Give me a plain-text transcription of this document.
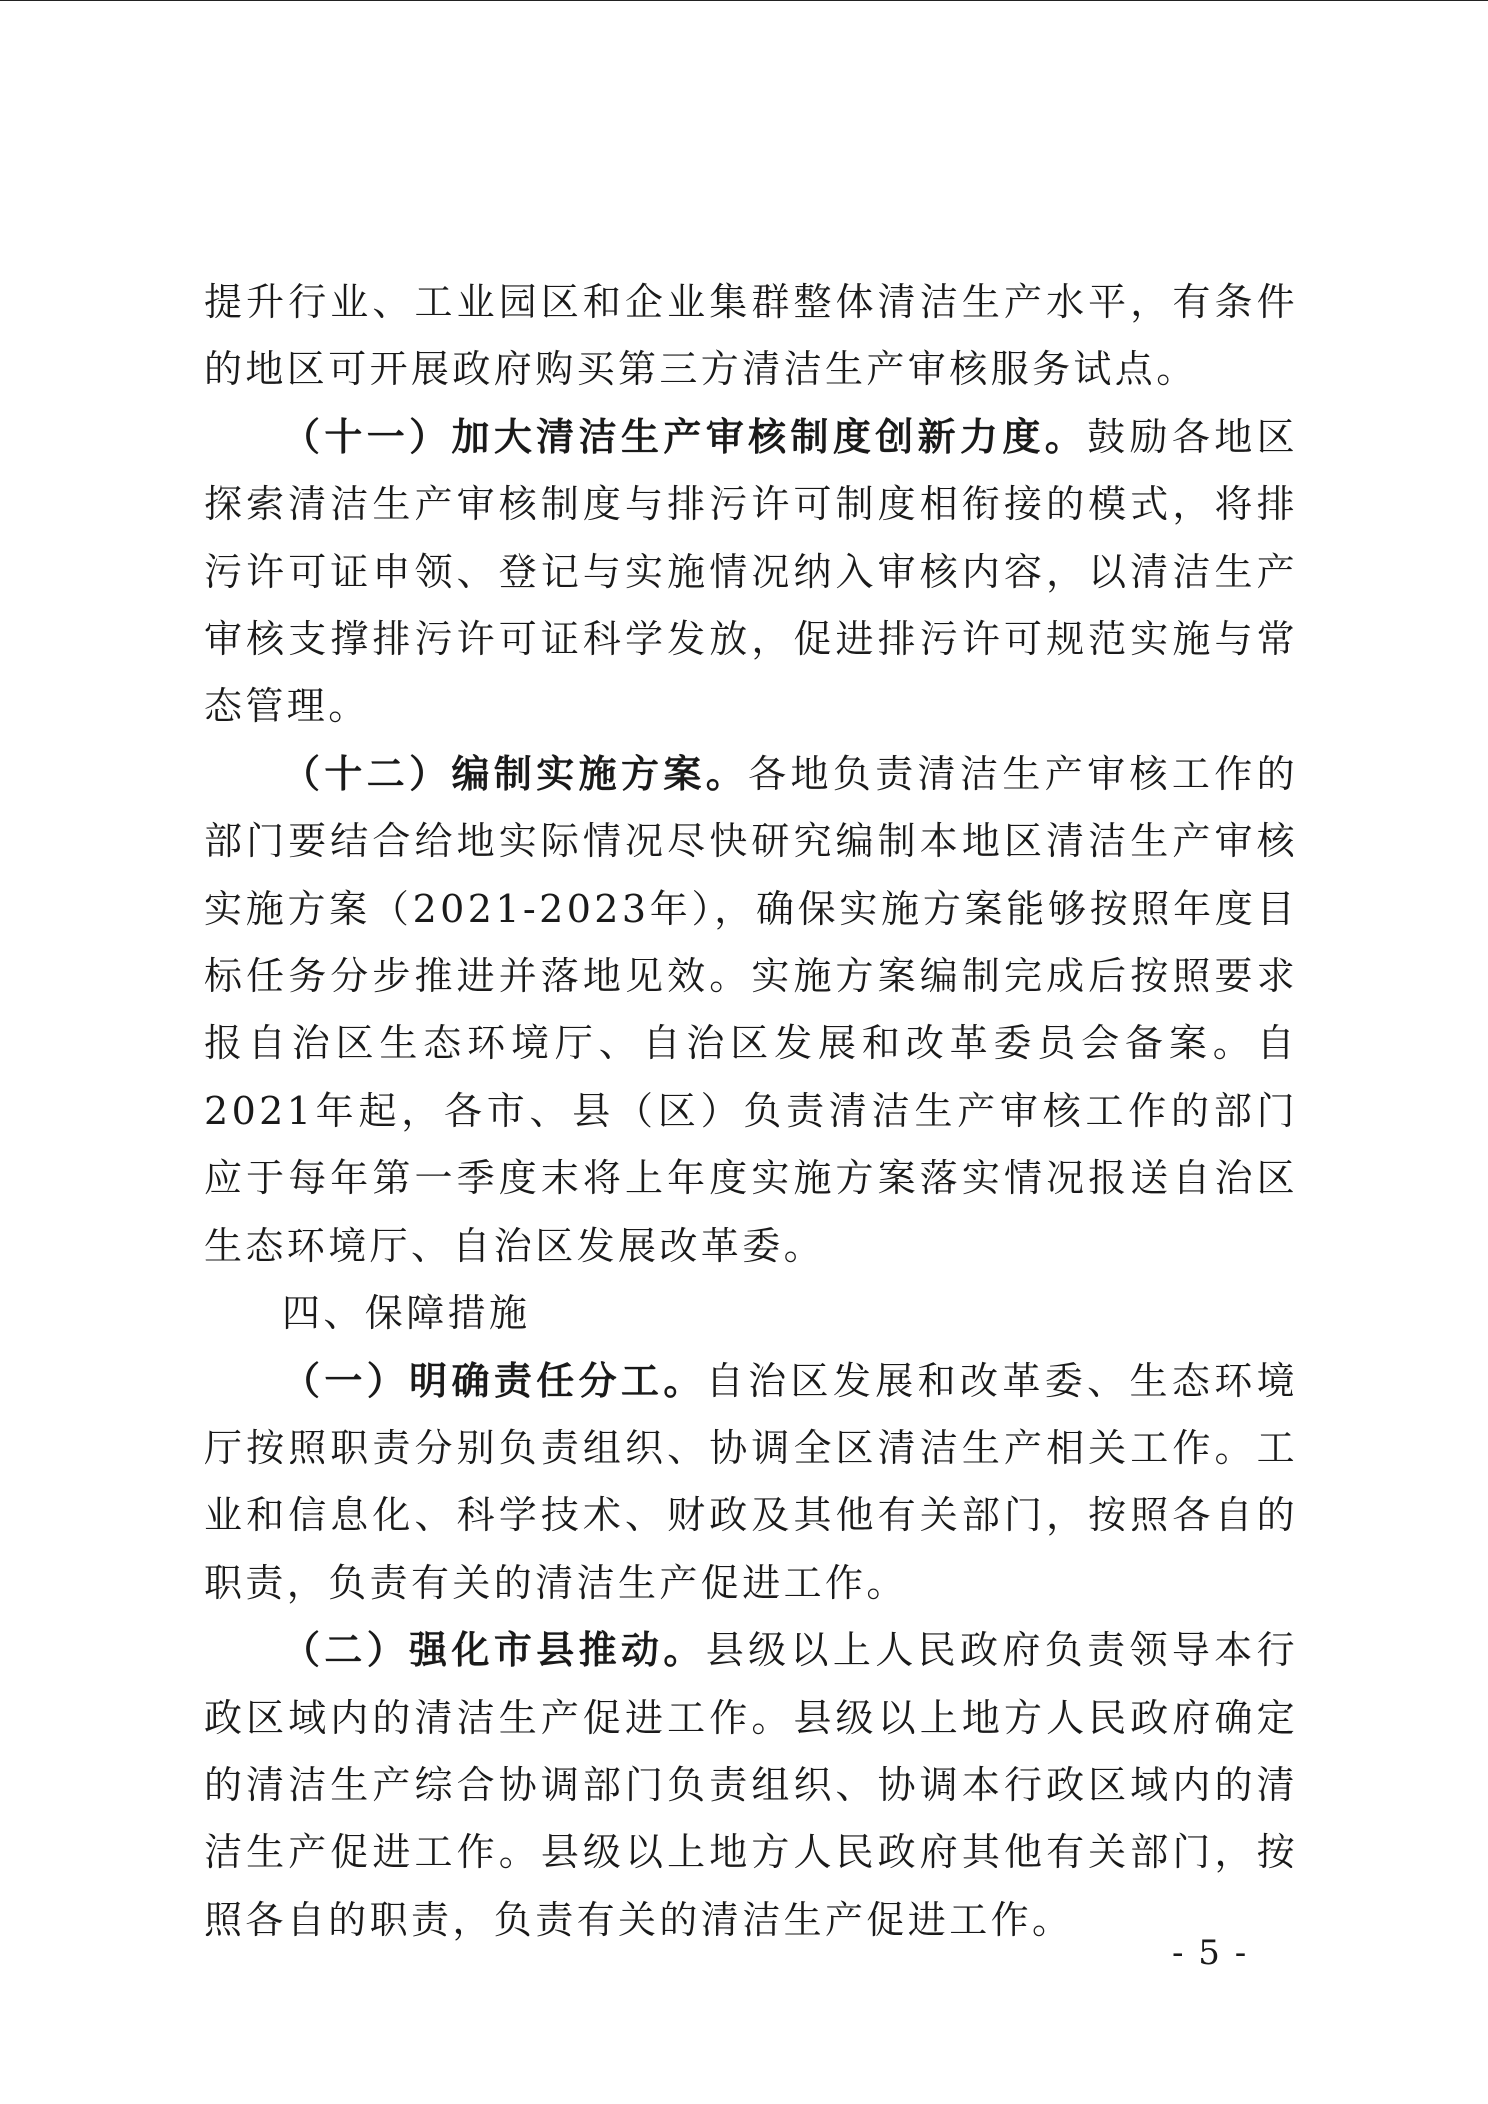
提升行业、工业园区和企业集群整体清洁生产水平，有条件的地区可开展政府购买第三方清洁生产审核服务试点。

（十一）加大清洁生产审核制度创新力度。鼓励各地区探索清洁生产审核制度与排污许可制度相衔接的模式，将排污许可证申领、登记与实施情况纳入审核内容，以清洁生产审核支撑排污许可证科学发放，促进排污许可规范实施与常态管理。

（十二）编制实施方案。各地负责清洁生产审核工作的部门要结合给地实际情况尽快研究编制本地区清洁生产审核实施方案（2021-2023年），确保实施方案能够按照年度目标任务分步推进并落地见效。实施方案编制完成后按照要求报自治区生态环境厅、自治区发展和改革委员会备案。自2021年起，各市、县（区）负责清洁生产审核工作的部门应于每年第一季度末将上年度实施方案落实情况报送自治区生态环境厅、自治区发展改革委。

四、保障措施

（一）明确责任分工。自治区发展和改革委、生态环境厅按照职责分别负责组织、协调全区清洁生产相关工作。工业和信息化、科学技术、财政及其他有关部门，按照各自的职责，负责有关的清洁生产促进工作。

（二）强化市县推动。县级以上人民政府负责领导本行政区域内的清洁生产促进工作。县级以上地方人民政府确定的清洁生产综合协调部门负责组织、协调本行政区域内的清洁生产促进工作。县级以上地方人民政府其他有关部门，按照各自的职责，负责有关的清洁生产促进工作。

- 5 -
